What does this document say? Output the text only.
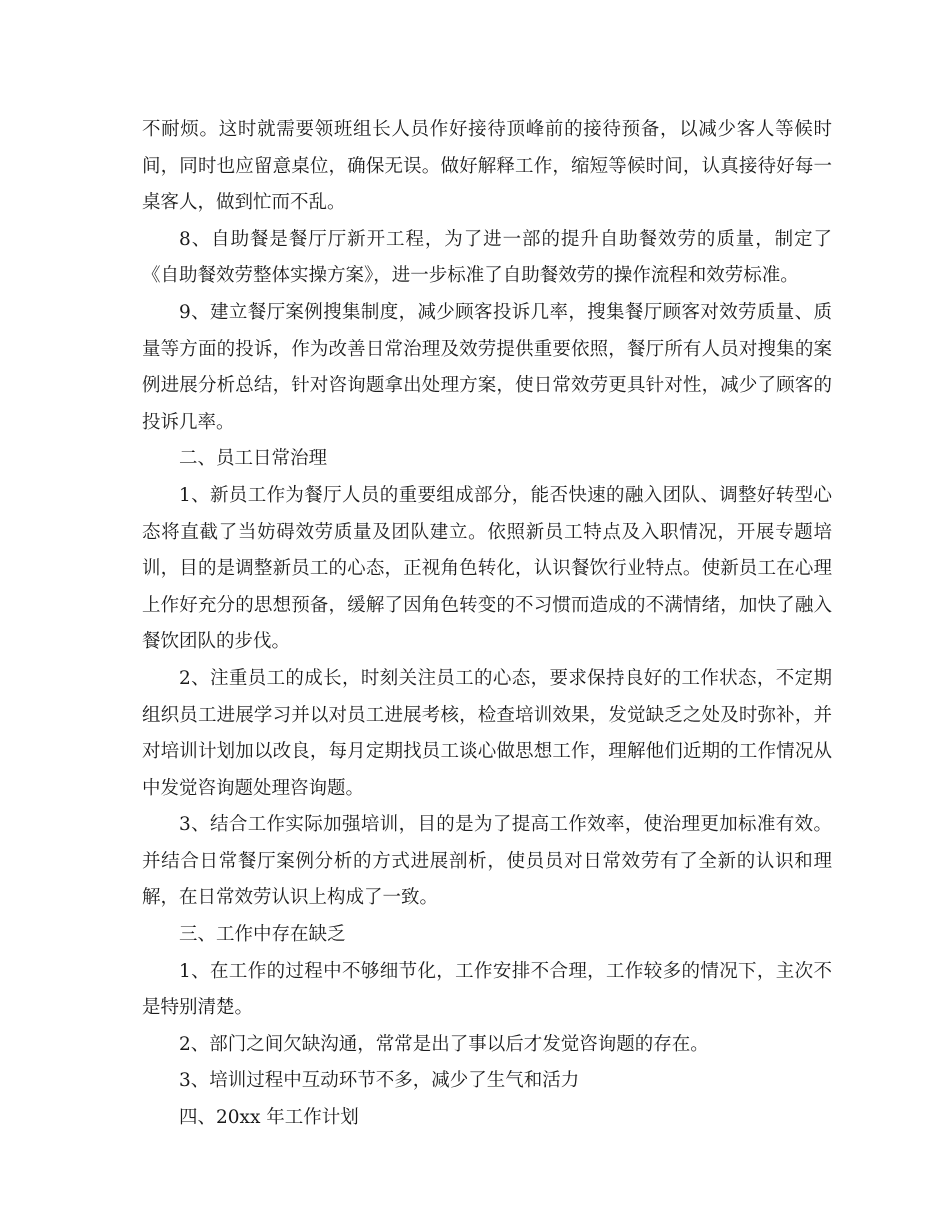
不耐烦。这时就需要领班组长人员作好接待顶峰前的接待预备，以减少客人等候时间，同时也应留意桌位，确保无误。做好解释工作，缩短等候时间，认真接待好每一桌客人，做到忙而不乱。

8、自助餐是餐厅厅新开工程，为了进一部的提升自助餐效劳的质量，制定了《自助餐效劳整体实操方案》，进一步标准了自助餐效劳的操作流程和效劳标准。

9、建立餐厅案例搜集制度，减少顾客投诉几率，搜集餐厅顾客对效劳质量、质量等方面的投诉，作为改善日常治理及效劳提供重要依照，餐厅所有人员对搜集的案例进展分析总结，针对咨询题拿出处理方案，使日常效劳更具针对性，减少了顾客的投诉几率。

二、员工日常治理

1、新员工作为餐厅人员的重要组成部分，能否快速的融入团队、调整好转型心态将直截了当妨碍效劳质量及团队建立。依照新员工特点及入职情况，开展专题培训，目的是调整新员工的心态，正视角色转化，认识餐饮行业特点。使新员工在心理上作好充分的思想预备，缓解了因角色转变的不习惯而造成的不满情绪，加快了融入餐饮团队的步伐。

2、注重员工的成长，时刻关注员工的心态，要求保持良好的工作状态，不定期组织员工进展学习并以对员工进展考核，检查培训效果，发觉缺乏之处及时弥补，并对培训计划加以改良，每月定期找员工谈心做思想工作，理解他们近期的工作情况从中发觉咨询题处理咨询题。

3、结合工作实际加强培训，目的是为了提高工作效率，使治理更加标准有效。并结合日常餐厅案例分析的方式进展剖析，使员员对日常效劳有了全新的认识和理解，在日常效劳认识上构成了一致。

三、工作中存在缺乏

1、在工作的过程中不够细节化，工作安排不合理，工作较多的情况下，主次不是特别清楚。

2、部门之间欠缺沟通，常常是出了事以后才发觉咨询题的存在。

3、培训过程中互动环节不多，减少了生气和活力

四、20xx 年工作计划
